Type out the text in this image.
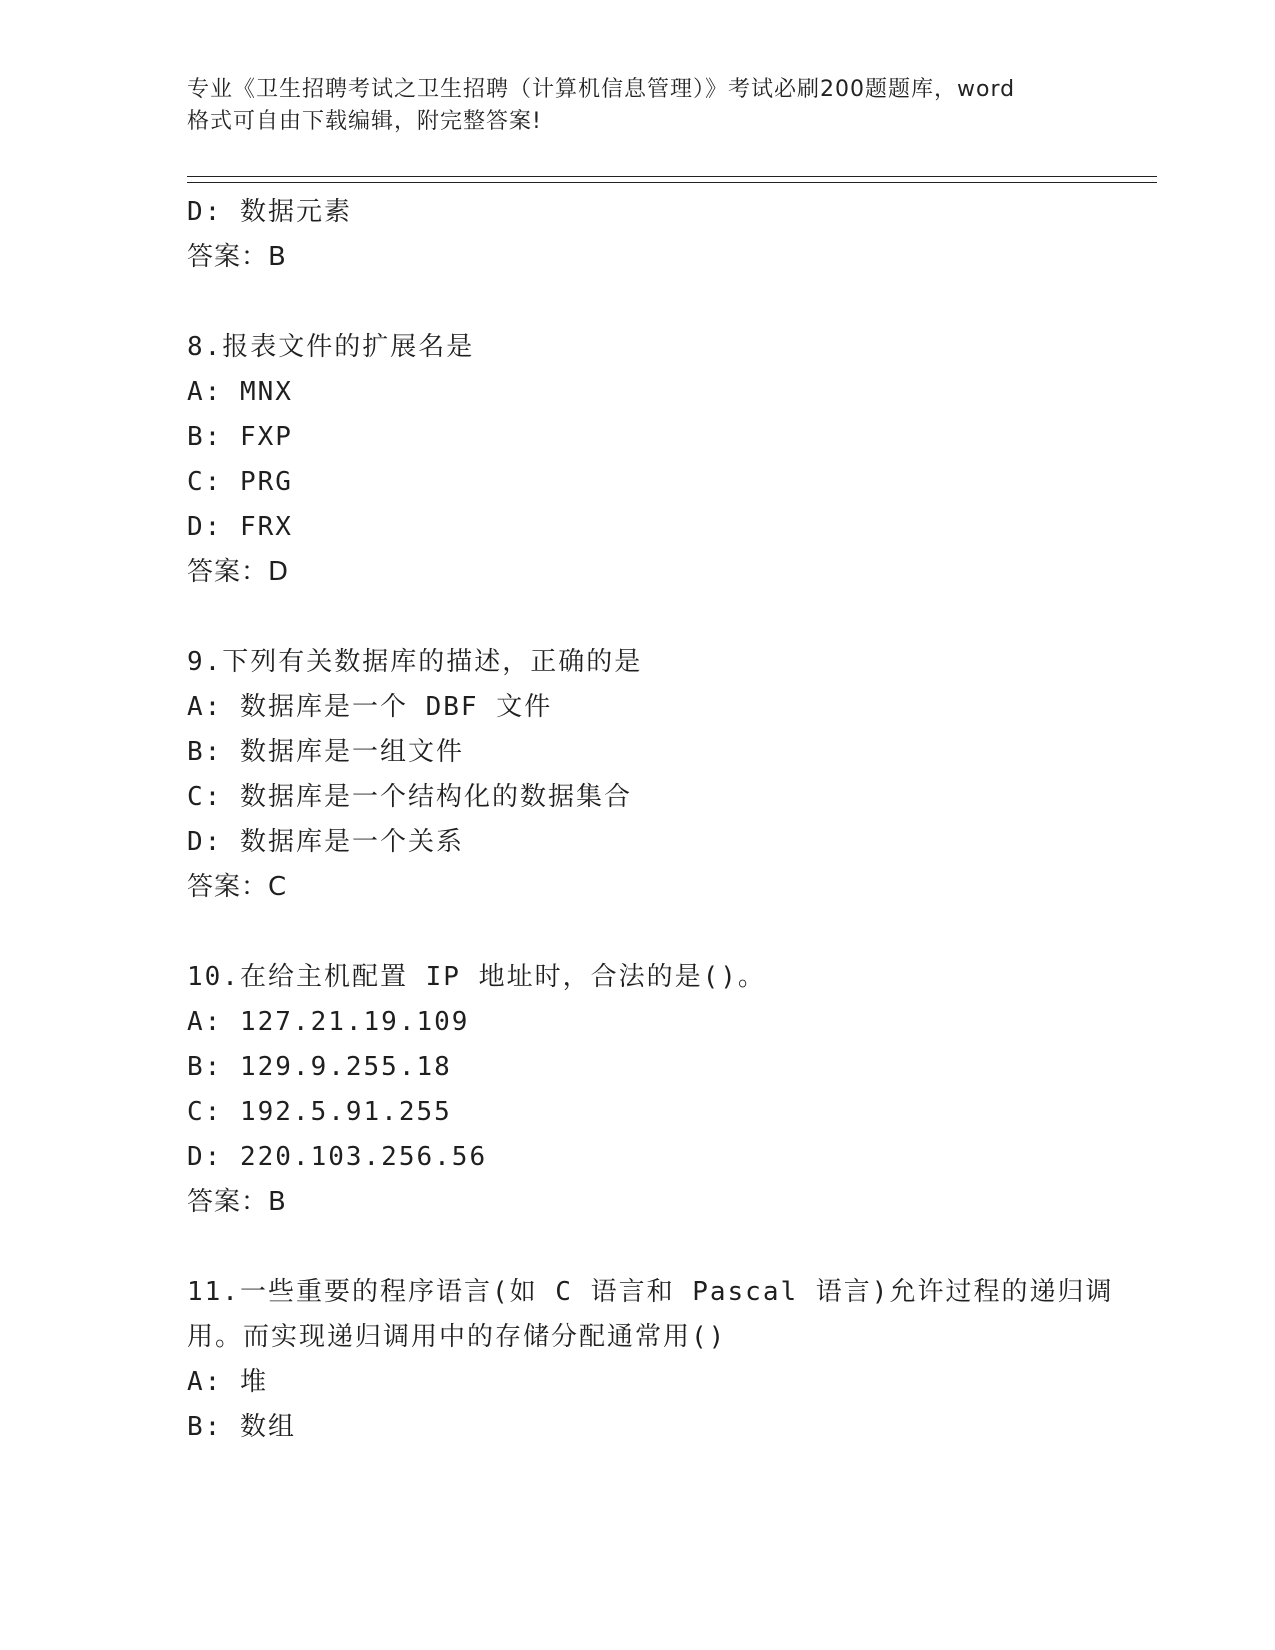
专业《卫生招聘考试之卫生招聘（计算机信息管理）》考试必刷200题题库，word
格式可自由下载编辑，附完整答案!
D: 数据元素
答案：B
8.报表文件的扩展名是
A: MNX
B: FXP
C: PRG
D: FRX
答案：D
9.下列有关数据库的描述，正确的是
A: 数据库是一个 DBF 文件
B: 数据库是一组文件
C: 数据库是一个结构化的数据集合
D: 数据库是一个关系
答案：C
10.在给主机配置 IP 地址时，合法的是()。
A: 127.21.19.109
B: 129.9.255.18
C: 192.5.91.255
D: 220.103.256.56
答案：B
11.一些重要的程序语言(如 C 语言和 Pascal 语言)允许过程的递归调
用。而实现递归调用中的存储分配通常用()
A: 堆
B: 数组
